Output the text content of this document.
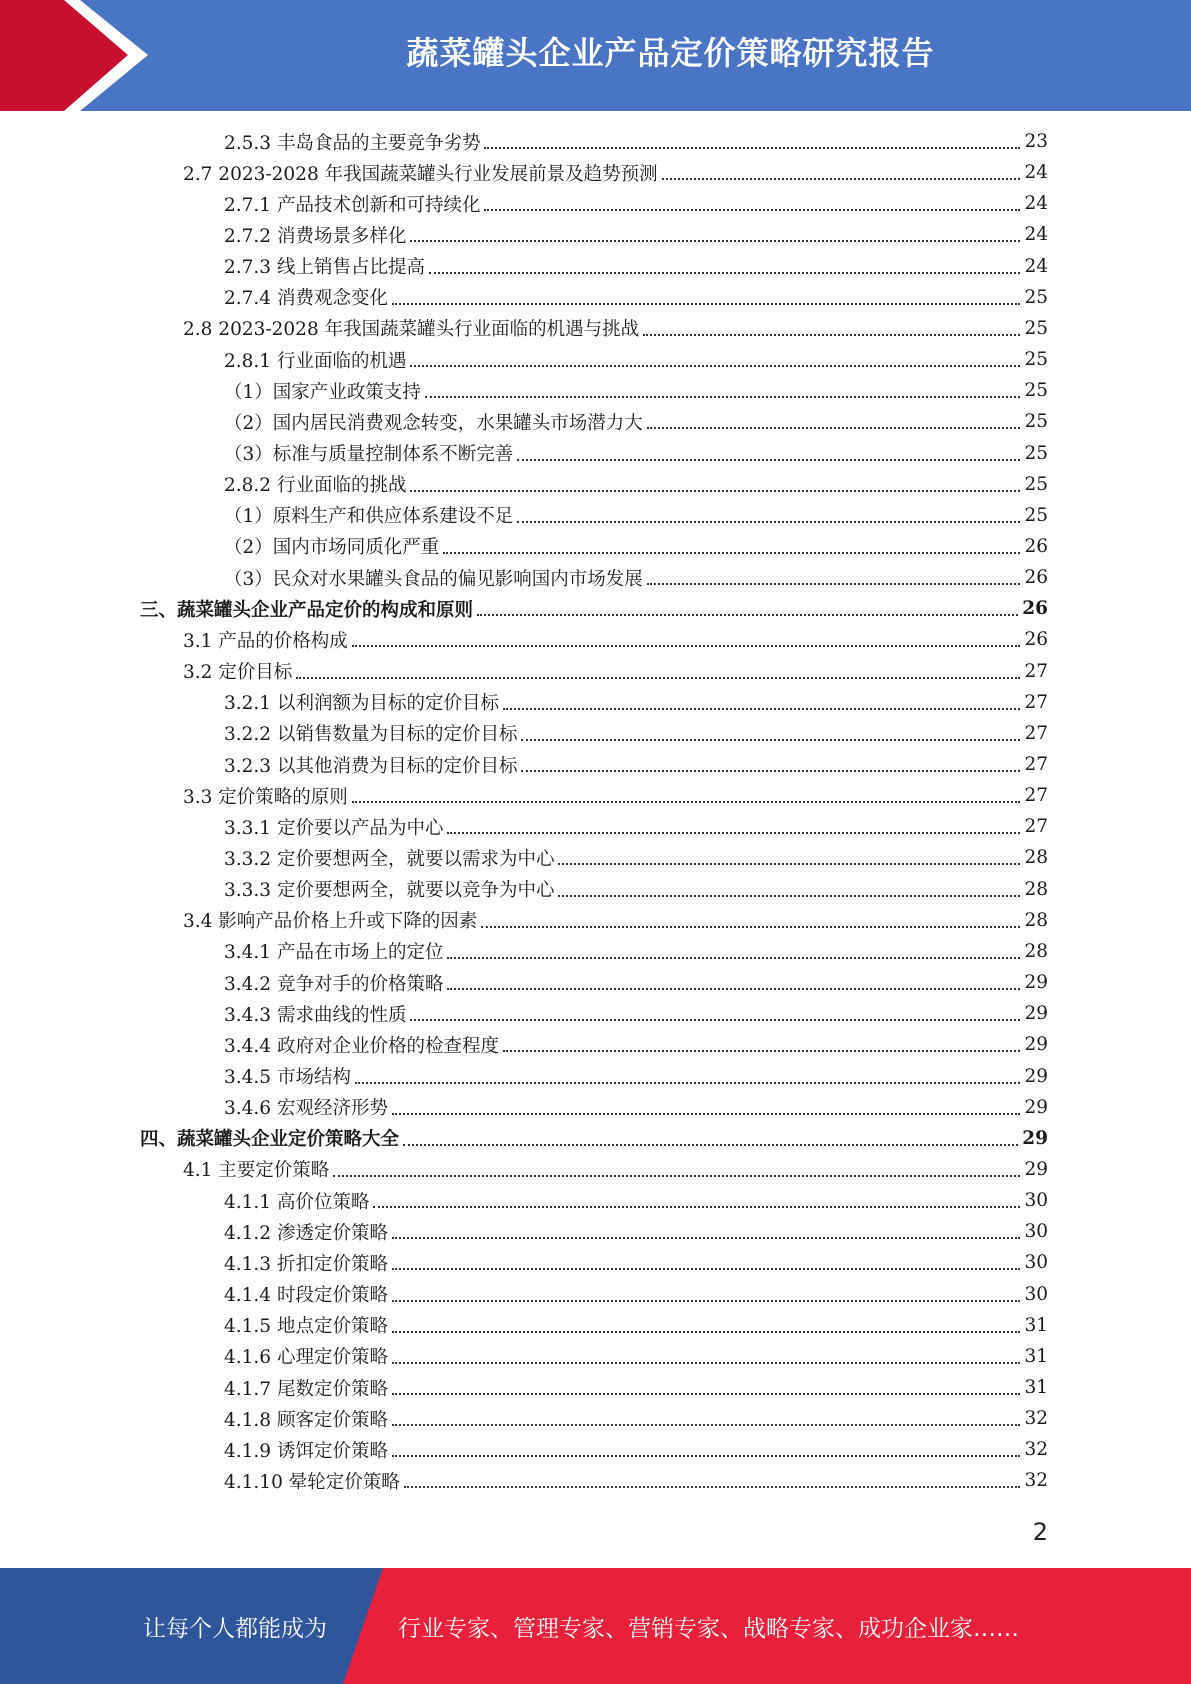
蔬菜罐头企业产品定价策略研究报告
2.5.3 丰岛食品的主要竞争劣势	23
2.7 2023-2028 年我国蔬菜罐头行业发展前景及趋势预测	24
2.7.1 产品技术创新和可持续化	24
2.7.2 消费场景多样化	24
2.7.3 线上销售占比提高	24
2.7.4 消费观念变化	25
2.8 2023-2028 年我国蔬菜罐头行业面临的机遇与挑战	25
2.8.1 行业面临的机遇	25
（1）国家产业政策支持	25
（2）国内居民消费观念转变，水果罐头市场潜力大	25
（3）标准与质量控制体系不断完善	25
2.8.2 行业面临的挑战	25
（1）原料生产和供应体系建设不足	25
（2）国内市场同质化严重	26
（3）民众对水果罐头食品的偏见影响国内市场发展	26
三、蔬菜罐头企业产品定价的构成和原则	26
3.1 产品的价格构成	26
3.2 定价目标	27
3.2.1 以利润额为目标的定价目标	27
3.2.2 以销售数量为目标的定价目标	27
3.2.3 以其他消费为目标的定价目标	27
3.3 定价策略的原则	27
3.3.1 定价要以产品为中心	27
3.3.2 定价要想两全，就要以需求为中心	28
3.3.3 定价要想两全，就要以竞争为中心	28
3.4 影响产品价格上升或下降的因素	28
3.4.1 产品在市场上的定位	28
3.4.2 竞争对手的价格策略	29
3.4.3 需求曲线的性质	29
3.4.4 政府对企业价格的检查程度	29
3.4.5 市场结构	29
3.4.6 宏观经济形势	29
四、蔬菜罐头企业定价策略大全	29
4.1 主要定价策略	29
4.1.1 高价位策略	30
4.1.2 渗透定价策略	30
4.1.3 折扣定价策略	30
4.1.4 时段定价策略	30
4.1.5 地点定价策略	31
4.1.6 心理定价策略	31
4.1.7 尾数定价策略	31
4.1.8 顾客定价策略	32
4.1.9 诱饵定价策略	32
4.1.10 晕轮定价策略	32
2
让每个人都能成为	行业专家、管理专家、营销专家、战略专家、成功企业家……
